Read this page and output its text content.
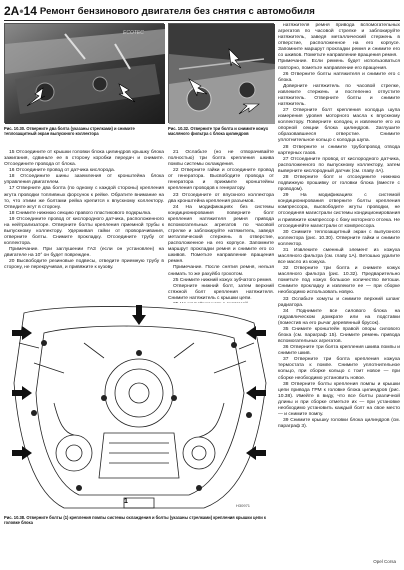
2A•14 Ремонт бензинового двигателя без снятия с автомобиля
ECOTEC
Рис. 10.30. Отверните два болта (указаны стрелками) и снимите теплозащитный экран выпускного коллектора
Рис. 10.32. Отверните три болта и снимите кожух масляного фильтра с блока цилиндров

15 Отсоедините от крышки головки блока цилиндров крышку блока зажигания, сдвиньте ее в сторону коробки передач и снимите. Отсоедините провода от блока.

16 Отсоедините провод от датчика кислорода.

18 Отсоедините шины заземления от кронштейна блока управления двигателем.

17 Отверните два болта (по одному с каждой стороны) крепления жгута проводки топливных форсунок к рейке. Обратите внимание на то, что этими же болтами рейка крепится к впускному коллектору. Отведите жгут в сторону.

18 Снимите нижнюю секцию правого пластикового подкрылка.

19 Отсоедините провод от кислородного датчика, расположенного на нейтрализаторе. Отверните болты крепления приемной трубы к выпускному коллектору. Удерживая гайки от проворачивания, отверните болты. Снимите прокладку. Отсоедините трубу от коллектора.

Примечание. При заглушении ГАЗ (если он установлен) на двигателе на 10° он будет поврежден.

20 Высвободите резиновые подвесы, отведите приемную трубу в сторону, не перекручивая, и привяжите к кузову.

21 Ослабьте (но не отворачивайте полностью) три болта крепления шкива помпы системы охлаждения.

22 Отверните гайки и отсоедините провод от генератора. Высвободите провода от генератора и прижмите кронштейны крепления проводов к генератору.

23 Отсоедините от впускного коллектора два кронштейна крепления разъемов.

24 На модификациях без системы кондиционирования поверните болт крепления натяжителя ремня привода вспомогательных агрегатов по часовой стрелке и заблокируйте натяжитель, заведя металлический стержень в отверстие, расположенное на его корпусе. Запомните маршрут прокладки ремня и снимите его со шкивов. Пометьте направление вращения ремня.

Примечание. После снятия ремня, нельзя снимать то же рахуйбо грохотом.

25 Снимите нижний кожух зубчатого ремня.

Отверните нижний болт, затем верхний стяжной болт крепления натяжителя. Снимите натяжитель с крышки цепи.

1
H30971
Рис. 10.38. Отверните болты (1) крепления помпы системы охлаждения и болты (указаны стрелками) крепления крышки цепи к головке блока

натяжителя ремня привода вспомогательных агрегатов по часовой стрелке и заблокируйте натяжитель, заведя металлический стержень в отверстие, расположенное на его корпусе. Запомните маршрут прокладки ремня и снимите его со шкивов. Пометьте направление вращения ремня.

Примечание. Если ремень будет использоваться повторно, пометьте направление его вращения.

26 Отверните болты натяжителя и снимите его с блока.

Доверните натяжитель по часовой стрелке, извлеките стержень и постепенно отпустите натяжитель. Отверните болты и снимите натяжитель.

27 Отверните болт крепления колодца шупа измерения уровня моторного масла к впускному коллектору. Поверните колодец и извлеките его из опорной секции блока цилиндров. Заглушите образовавшееся отверстие. Снимите уплотнительное кольцо с колодца шупа.

28 Отверните и снимите трубопровод отвода картерных газов.

27 Отсоедините провод от кислородного датчика, расположенного по выпускному коллектору, затем выверните кислородный датчик (см. главу 4А).

28 Отверните болт и отсоедините нижнюю подвижную прошивку от головки блока (вместе с проводом).

29 На модификациях с системой кондиционирования отверните болты крепления компрессора, высвободите жгуты проводки, не отсоединяя магистрали системы кондиционирования и привяжите компрессор с боку моторного отсека. Не отсоединяйте магистрали от компрессора.

30 Снимите теплозащитный экран с выпускного коллектора (рис. 10.30). Отверните гайки и снимите коллектор.

31 Извлеките сменный элемент из кожуха масляного фильтра (см. главу 1А). Ветошью удалите все масло из кожуха.

32 Отверните три болта и снимите кожух масляного фильтра (рис. 10.32). Предварительно пометьте под кожух большое количество ветоши. Снимите прокладку и извлеките ее — при сборке необходимо использовать новую.

33 Ослабьте хомуты и снимите верхний шланг радиатора.

34 Поднимите все силового блока на гидравлическом домкрате или на подставки (поместив на его рычаг деревянный брусок).

35 Снимите кронштейн правой опоры силового блока (см. параграф 15). Снимите ремень привода вспомогательных агрегатов.

36 Отверните три болта крепления шкива помпы и снимите шкив.

37 Отверните три болта крепления кожуха термостата к помпе. Снимите уплотнительное кольцо, при сборке кольцо с тоит новое — при сборке необходимо установить новое.

38 Отверните болты крепления помпы и крышки цепи привода ГРМ к головке блока цилиндров (рис. 10.38). Имейте в виду, что все болты различной длины и при сборке отметьте их — при установке необходимо установить каждый болт на свое место — и снимите помпу.

39 Снимите крышку головки блока цилиндров (см. параграф 3).

Opel Corsa
